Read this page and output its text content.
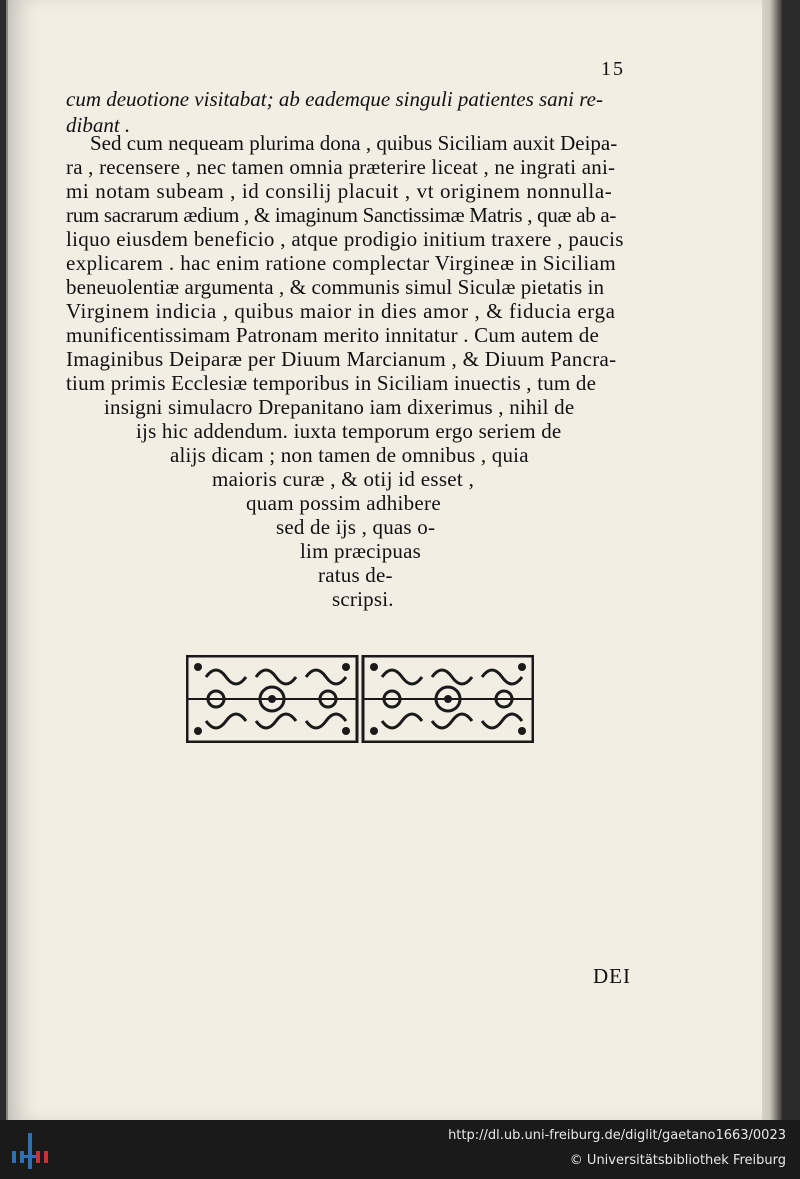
15
cum deuotione visitabat; ab eademque singuli patientes sani re-
dibant .
Sed cum nequeam plurima dona , quibus Siciliam auxit Deipa-
ra , recensere , nec tamen omnia præterire liceat , ne ingrati ani-
mi notam subeam , id consilij placuit , vt originem nonnulla-
rum sacrarum ædium , & imaginum Sanctissimæ Matris , quæ ab a-
liquo eiusdem beneficio , atque prodigio initium traxere , paucis
explicarem . hac enim ratione complectar Virgineæ in Siciliam
beneuolentiæ argumenta , & communis simul Siculæ pietatis in
Virginem indicia , quibus maior in dies amor , & fiducia erga
munificentissimam Patronam merito innitatur . Cum autem de
Imaginibus Deiparæ per Diuum Marcianum , & Diuum Pancra-
tium primis Ecclesiæ temporibus in Siciliam inuectis , tum de
insigni simulacro Drepanitano iam dixerimus , nihil de
ijs hic addendum. iuxta temporum ergo seriem de
alijs dicam ; non tamen de omnibus , quia
maioris curæ , & otij id esset ,
quam possim adhibere
sed de ijs , quas o-
lim præcipuas
ratus de-
scripsi.
DEI
http://dl.ub.uni-freiburg.de/diglit/gaetano1663/0023
© Universitätsbibliothek Freiburg
